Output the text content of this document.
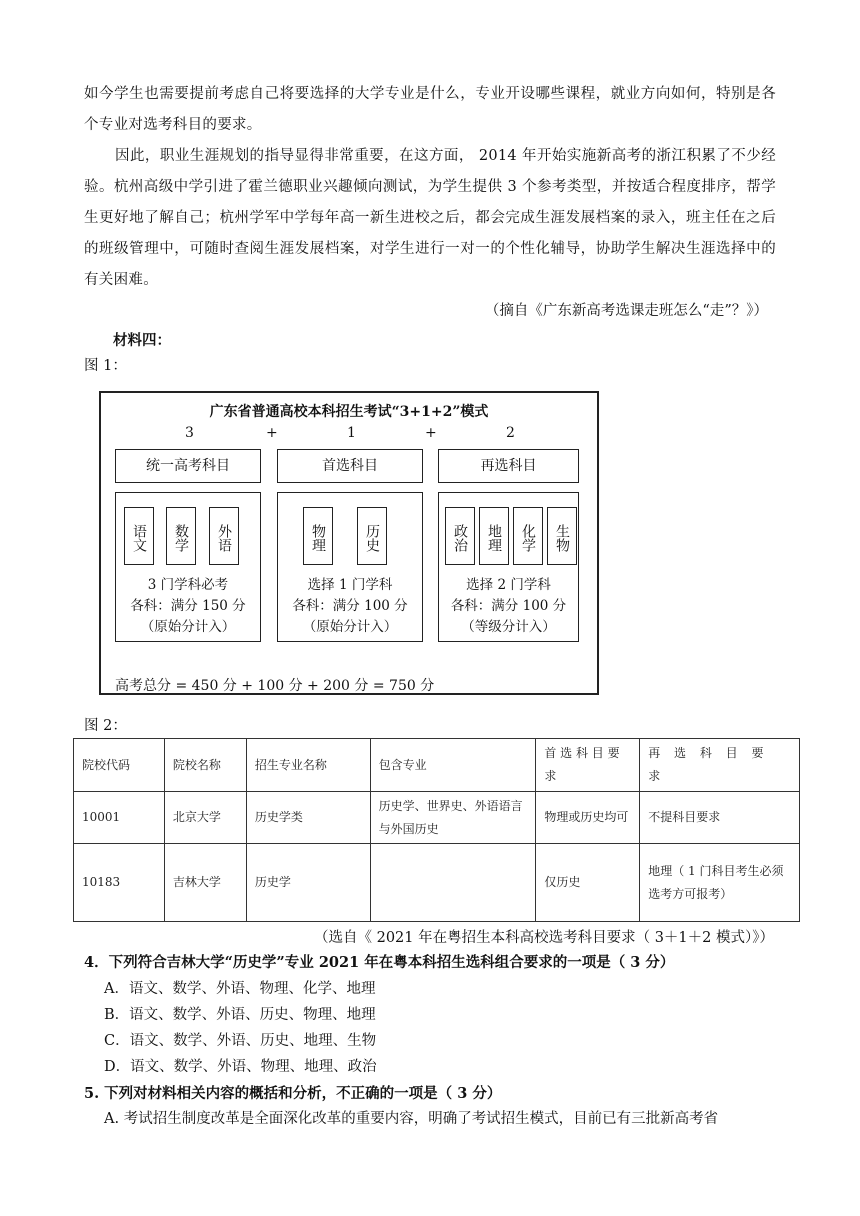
如今学生也需要提前考虑自己将要选择的大学专业是什么，专业开设哪些课程，就业方向如何，特别是各个专业对选考科目的要求。
因此，职业生涯规划的指导显得非常重要，在这方面， 2014 年开始实施新高考的浙江积累了不少经验。杭州高级中学引进了霍兰德职业兴趣倾向测试，为学生提供 3 个参考类型，并按适合程度排序，帮学生更好地了解自己；杭州学军中学每年高一新生进校之后，都会完成生涯发展档案的录入，班主任在之后的班级管理中，可随时查阅生涯发展档案，对学生进行一对一的个性化辅导，协助学生解决生涯选择中的有关困难。
（摘自《广东新高考选课走班怎么“走”？》）
材料四：
图 1：
广东省普通高校本科招生考试“3+1+2”模式
3	+	1	+	2
统一高考科目	首选科目	再选科目
语文	数学	外语
3 门学科必考
各科：满分 150 分
（原始分计入）
物理	历史
选择 1 门学科
各科：满分 100 分
（原始分计入）
政治	地理	化学	生物
选择 2 门学科
各科：满分 100 分
（等级分计入）
高考总分 = 450 分 + 100 分 + 200 分 = 750 分
图 2：
院校代码	院校名称	招生专业名称	包含专业	首 选 科 目 要 求	再 选 科 目 要 求
10001	北京大学	历史学类	历史学、世界史、外语语言与外国历史	物理或历史均可	不提科目要求
10183	吉林大学	历史学		仅历史	地理（ 1 门科目考生必须选考方可报考）
（选自《 2021 年在粤招生本科高校选考科目要求（ 3＋1＋2 模式）》）
4．下列符合吉林大学“历史学”专业 2021 年在粤本科招生选科组合要求的一项是（ 3 分）
A．语文、数学、外语、物理、化学、地理
B．语文、数学、外语、历史、物理、地理
C．语文、数学、外语、历史、地理、生物
D．语文、数学、外语、物理、地理、政治
5. 下列对材料相关内容的概括和分析，不正确的一项是（ 3 分）
A. 考试招生制度改革是全面深化改革的重要内容，明确了考试招生模式，目前已有三批新高考省
